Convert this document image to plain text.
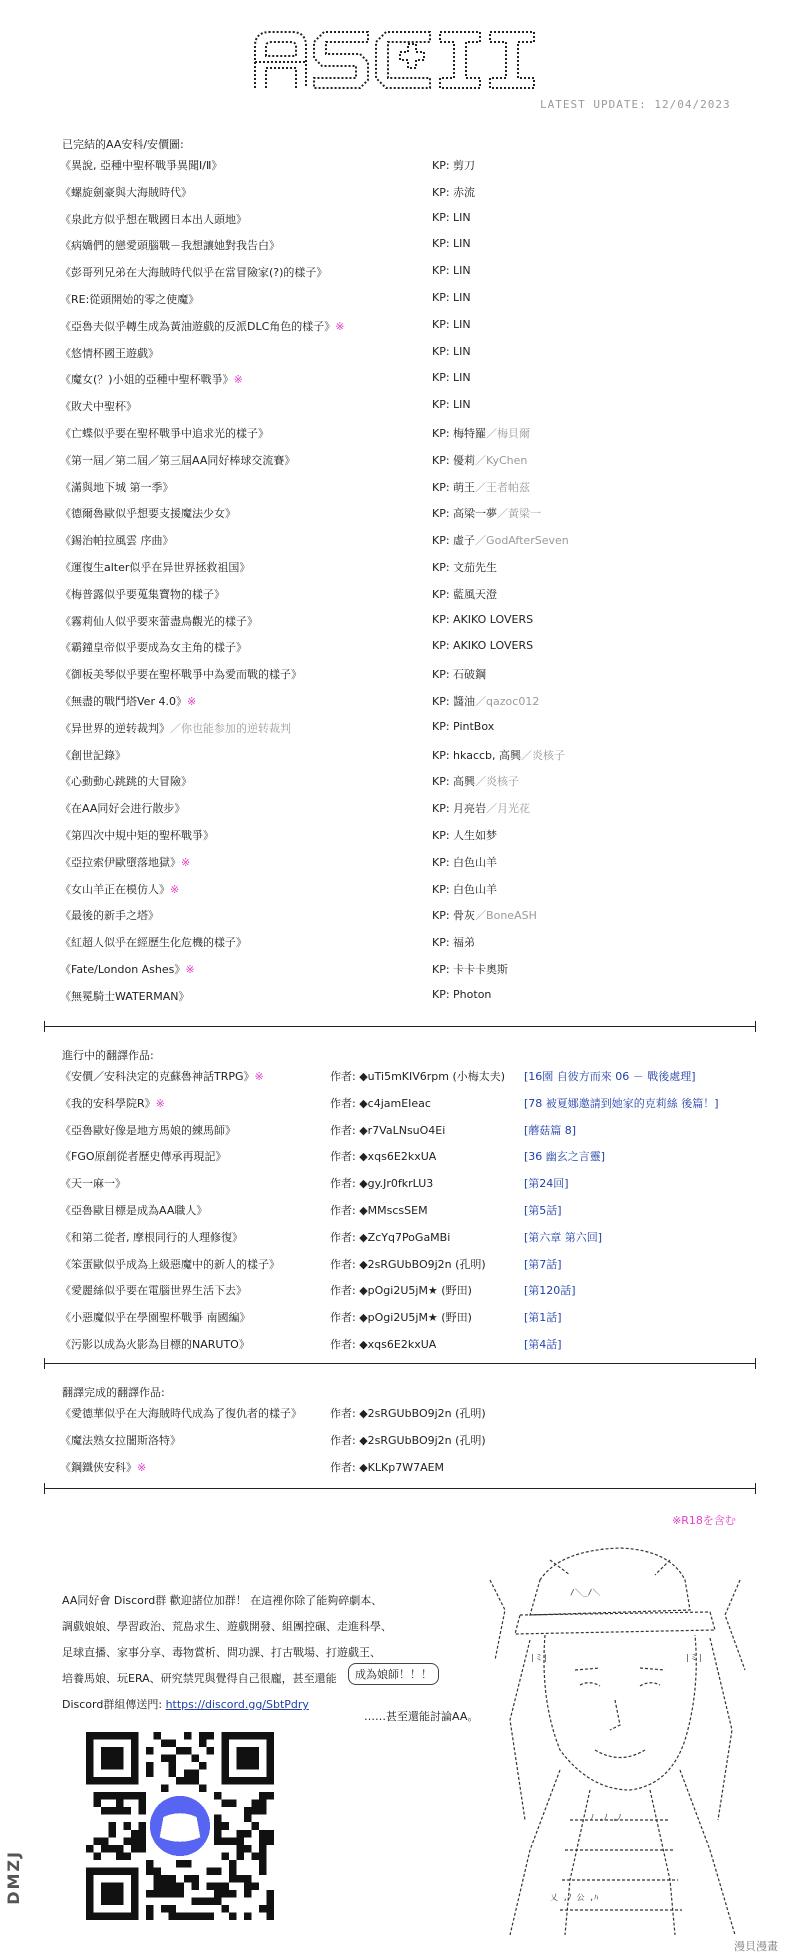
LATEST UPDATE: 12/04/2023
已完結的AA安科/安價圖:
《異說, 亞種中聖杯戰爭異聞Ⅰ/Ⅱ》	KP: 剪刀
《螺旋劍豪與大海賊時代》	KP: 赤流
《泉此方似乎想在戰國日本出人頭地》	KP: LIN
《病嬌們的戀愛頭腦戰－我想讓她對我告白》	KP: LIN
《彭哥列兄弟在大海賊時代似乎在當冒險家(?)的樣子》	KP: LIN
《RE:從頭開始的零之使魔》	KP: LIN
《亞魯夫似乎轉生成為黃油遊戲的反派DLC角色的樣子》※	KP: LIN
《悠情杯國王遊戲》	KP: LIN
《魔女(？)小姐的亞種中聖杯戰爭》※	KP: LIN
《敗犬中聖杯》	KP: LIN
《亡蝶似乎要在聖杯戰爭中追求光的樣子》	KP: 梅特羅／梅貝爾
《第一屆／第二屆／第三屆AA同好棒球交流賽》	KP: 優莉／KyChen
《滿與地下城 第一季》	KP: 萌王／王者帕茲
《德爾魯歐似乎想要支援魔法少女》	KP: 高梁一夢／黃梁一
《錫治帕拉風雲 序曲》	KP: 虛子／GodAfterSeven
《運復生alter似乎在异世界拯救祖国》	KP: 文茄先生
《梅普露似乎要蒐集寶物的樣子》	KP: 藍風天澄
《霧莉仙人似乎要來蕾盡鳥觀光的樣子》	KP: AKIKO LOVERS
《霸鐘皇帝似乎要成為女主角的樣子》	KP: AKIKO LOVERS
《御板美琴似乎要在聖杯戰爭中為愛而戰的樣子》	KP: 石破鋼
《無盡的戰鬥塔Ver 4.0》※	KP: 醬油／qazoc012
《异世界的逆转裁判》／你也能参加的逆转裁判	KP: PintBox
《創世記錄》	KP: hkaccb, 高興／炎核子
《心動動心跳跳的大冒險》	KP: 高興／炎核子
《在AA同好会进行散步》	KP: 月亮岩／月光花
《第四次中規中矩的聖杯戰爭》	KP: 人生如梦
《亞拉索伊歐墮落地獄》※	KP: 白色山羊
《女山羊正在模仿人》※	KP: 白色山羊
《最後的新手之塔》	KP: 骨灰／BoneASH
《紅超人似乎在經歷生化危機的樣子》	KP: 福弟
《Fate/London Ashes》※	KP: 卡卡卡奧斯
《無冕騎士WATERMAN》	KP: Photon
進行中的翻譯作品:
《安價／安科決定的克蘇魯神話TRPG》※	作者: ◆uTi5mKIV6rpm (小梅太夫) [16園 自彼方而來 06 － 戰後處理]
《我的安科學院R》※	作者: ◆c4jamEIeac	[78 被夏娜邀請到她家的克莉絲 後篇！]
《亞魯歐好像是地方馬娘的練馬師》	作者: ◆r7VaLNsuO4Ei	[蘑菇篇 8]
《FGO原創從者歷史傳承再現記》	作者: ◆xqs6E2kxUA	[36 幽玄之言靈]
《天一麻一》	作者: ◆gy.Jr0fkrLU3	[第24回]
《亞魯歐目標是成為AA職人》	作者: ◆MMscsSEM	[第5話]
《和第二從者, 摩根同行的人理修復》	作者: ◆ZcYq7PoGaMBi	[第六章 第六回]
《笨蛋歐似乎成為上級惡魔中的新人的樣子》	作者: ◆2sRGUbBO9j2n (孔明)	[第7話]
《愛麗絲似乎要在電腦世界生活下去》	作者: ◆pOgi2U5jM★ (野田)	[第120話]
《小惡魔似乎在學園聖杯戰爭 南國編》	作者: ◆pOgi2U5jM★ (野田)	[第1話]
《污影以成為火影為目標的NARUTO》	作者: ◆xqs6E2kxUA	[第4話]
翻譯完成的翻譯作品:
《愛德華似乎在大海賊時代成為了復仇者的樣子》	作者: ◆2sRGUbBO9j2n (孔明)
《魔法熟女拉闍斯洛特》	作者: ◆2sRGUbBO9j2n (孔明)
《鋼鐵俠安科》※	作者: ◆KLKp7W7AEM
※R18を含む
AA同好會 Discord群 歡迎諸位加群！ 在這裡你除了能夠碎劇本、
調戲娘娘、學習政治、荒島求生、遊戲開發、組團控碾、走進科學、
足球直播、家事分享、毒物賞析、問功課、打古戰場、打遊戲王、
培養馬娘、玩ERA、研究禁咒與覺得自己很龐，甚至還能
Discord群組傳送門: https://discord.gg/SbtPdry
成為娘師！！！
……甚至還能討論AA。
/＼_/＼
|ミ|	|ミ|
ﾉ ,ﾉ ,ﾉ
乂 ,ﾉ 公 ,ﾊ
DMZJ
漫貝漫畫
